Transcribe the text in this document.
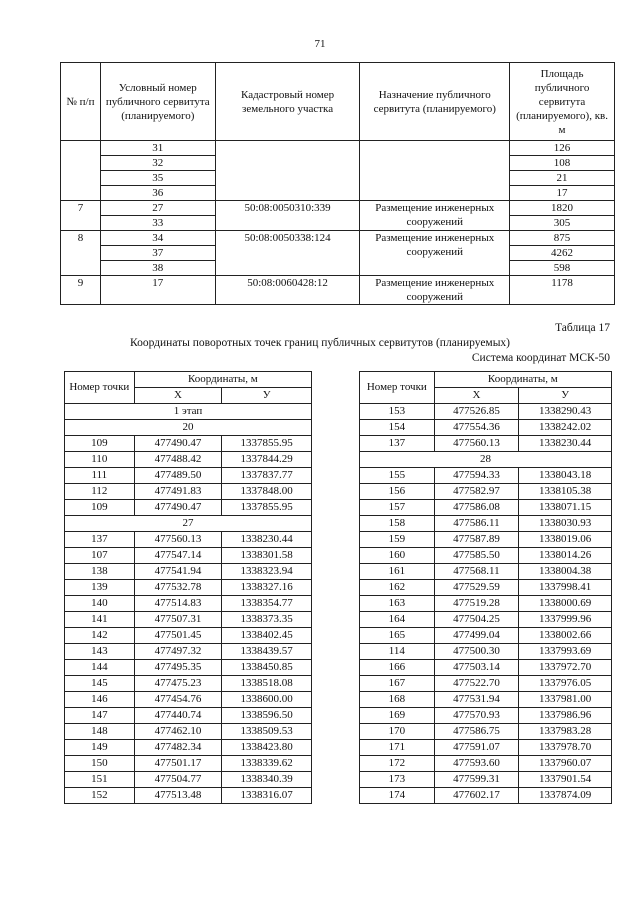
71
№ п/п	Условный номер публичного сервитута (планируемого)	Кадастровый номер земельного участка	Назначение публичного сервитута (планируемого)	Площадь публичного сервитута (планируемого), кв. м
	31			126
	32			108
	35			21
	36			17
7	27	50:08:0050310:339	Размещение инженерных сооружений	1820
	33			305
8	34	50:08:0050338:124	Размещение инженерных сооружений	875
	37			4262
	38			598
9	17	50:08:0060428:12	Размещение инженерных сооружений	1178
Таблица 17
Координаты поворотных точек границ публичных сервитутов (планируемых)
Система координат МСК-50
Номер точки	Координаты, м	
	X	У
1 этап		
20		
109	477490.47	1337855.95
110	477488.42	1337844.29
111	477489.50	1337837.77
112	477491.83	1337848.00
109	477490.47	1337855.95
27		
137	477560.13	1338230.44
107	477547.14	1338301.58
138	477541.94	1338323.94
139	477532.78	1338327.16
140	477514.83	1338354.77
141	477507.31	1338373.35
142	477501.45	1338402.45
143	477497.32	1338439.57
144	477495.35	1338450.85
145	477475.23	1338518.08
146	477454.76	1338600.00
147	477440.74	1338596.50
148	477462.10	1338509.53
149	477482.34	1338423.80
150	477501.17	1338339.62
151	477504.77	1338340.39
152	477513.48	1338316.07
Номер точки	Координаты, м	
	X	У
153	477526.85	1338290.43
154	477554.36	1338242.02
137	477560.13	1338230.44
28		
155	477594.33	1338043.18
156	477582.97	1338105.38
157	477586.08	1338071.15
158	477586.11	1338030.93
159	477587.89	1338019.06
160	477585.50	1338014.26
161	477568.11	1338004.38
162	477529.59	1337998.41
163	477519.28	1338000.69
164	477504.25	1337999.96
165	477499.04	1338002.66
114	477500.30	1337993.69
166	477503.14	1337972.70
167	477522.70	1337976.05
168	477531.94	1337981.00
169	477570.93	1337986.96
170	477586.75	1337983.28
171	477591.07	1337978.70
172	477593.60	1337960.07
173	477599.31	1337901.54
174	477602.17	1337874.09
